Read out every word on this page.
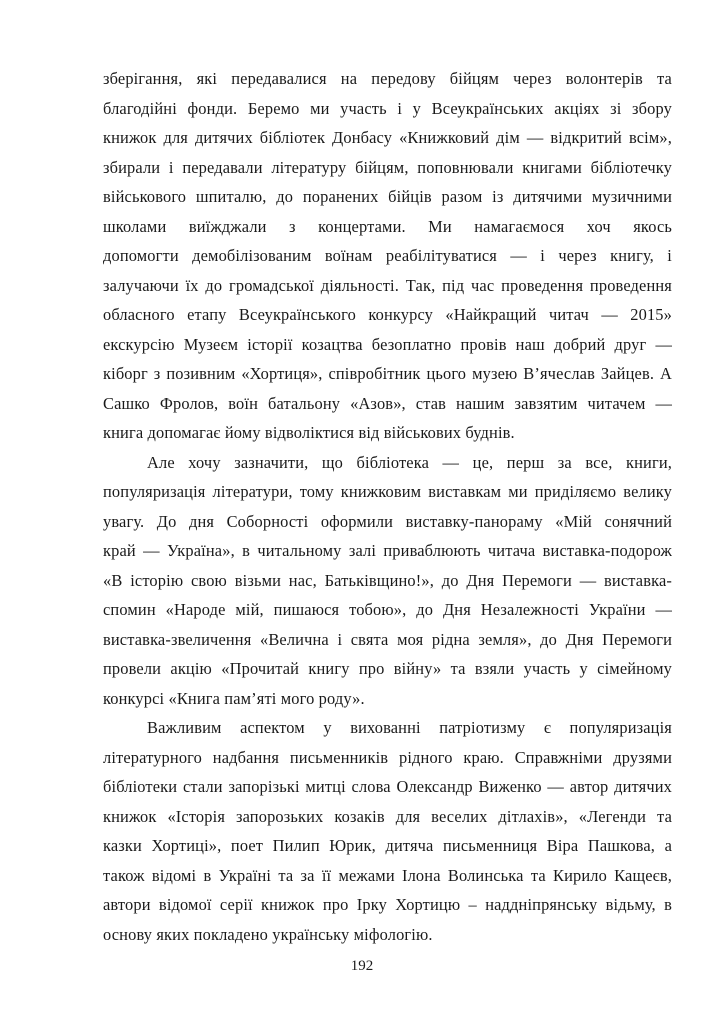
зберігання, які передавалися на передову бійцям через волонтерів та
благодійні фонди. Беремо ми участь і у Всеукраїнських акціях зі збору
книжок для дитячих бібліотек Донбасу «Книжковий дім — відкритий всім»,
збирали і передавали літературу бійцям, поповнювали книгами бібліотечку
військового шпиталю, до поранених бійців разом із дитячими музичними
школами виїжджали з концертами. Ми намагаємося хоч якось
допомогти демобілізованим воїнам реабілітуватися — і через книгу, і
залучаючи їх до громадської діяльності. Так, під час проведення проведення
обласного етапу Всеукраїнського конкурсу «Найкращий читач — 2015»
екскурсію Музеєм історії козацтва безоплатно провів наш добрий друг —
кіборг з позивним «Хортиця», співробітник цього музею В’ячеслав Зайцев. А
Сашко Фролов, воїн батальону «Азов», став нашим завзятим читачем —
книга допомагає йому відволіктися від військових буднів.
Але хочу зазначити, що бібліотека — це, перш за все, книги,
популяризація літератури, тому книжковим виставкам ми приділяємо велику
увагу. До дня Соборності оформили виставку-панораму «Мій сонячний
край — Україна», в читальному залі приваблюють читача виставка-подорож
«В історію свою візьми нас, Батьківщино!», до Дня Перемоги — виставка-
спомин «Народе мій, пишаюся тобою», до Дня Незалежності України —
виставка-звеличення «Велична і свята моя рідна земля», до Дня Перемоги
провели акцію «Прочитай книгу про війну» та взяли участь у сімейному
конкурсі «Книга пам’яті мого роду».
Важливим аспектом у вихованні патріотизму є популяризація
літературного надбання письменників рідного краю. Справжніми друзями
бібліотеки стали запорізькі митці слова Олександр Виженко — автор дитячих
книжок «Історія запорозьких козаків для веселих дітлахів», «Легенди та
казки Хортиці», поет Пилип Юрик, дитяча письменниця Віра Пашкова, а
також відомі в Україні та за її межами Ілона Волинська та Кирило Кащеєв,
автори відомої серії книжок про Ірку Хортицю – наддніпрянську відьму, в
основу яких покладено українську міфологію.
192
